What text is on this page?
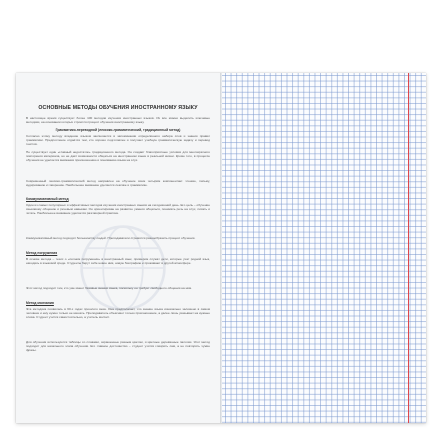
ОСНОВНЫЕ МЕТОДЫ ОБУЧЕНИЯ ИНОСТРАННОМУ ЯЗЫКУ
В настоящее время существует более 100 методов изучения иностранных языков. Их все можно выделить ключевые методики, на основании которых строится процесс обучения иностранному языку.
Грамматико-переводной (лексико-грамматический, традиционный метод)
Согласно этому методу владение языком заключается в запоминании определённого набора слов и знании правил грамматики. Предпочтение отдаётся тем, кто хорошо подготовлен и получает учебную грамматическую задачу и перевод текстов.
Не существует один «главный недостаток» традиционного метода. Он создаёт благоприятные условия для многократного повторения материала, но не даёт возможности общаться на иностранном языке в реальной жизни. Кроме того, в процессе обучения не уделяется внимания произношению и пониманию языка на слух.
Современный лексико-грамматический метод направлен на обучение всем четырём компонентам: чтению, письму, аудированию и говорению. Наибольшее внимание уделяется лексике и грамматике.
Коммуникативный метод
Один из самых популярных и эффективных методов изучения иностранных языков на сегодняшний день. Его цель – обучение языковому общению и речевым навыкам. Он ориентирован на развитие умения общаться, понимать речь на слух, писать и читать. Наибольшее внимание уделяется разговорной практике.
Коммуникативный метод подходит большинству людей. Преподаватели стремятся разнообразить процесс обучения.
Метод погружения
В основе метода – тезис о «полном погружении» в иностранный язык, примером служат дети, которые учат родной язык, находясь в языковой среде. Студенты берут себе новое имя, новую биографию и проживают в другой атмосфере.
Этот метод подходит тем, кто уже имеет базовые знания языка, поскольку он требует свободного общения на нём.
Метод молчания
Эта методика появилась в 60-х годах прошлого века. Она предполагает, что знание языка изначально заложено в самом человеке и ему нужно только не мешать. Преподаватель объясняет только произношение, а далее лишь указывает на нужные слова. Студент учится самостоятельно, а учитель молчит.
Для обучения используются таблицы со словами, окрашенные разным цветом, и цветные деревянные палочки. Этот метод подходит для начального этапа обучения. Его главное достоинство – студент учится говорить сам, а не повторять чужие фразы.
